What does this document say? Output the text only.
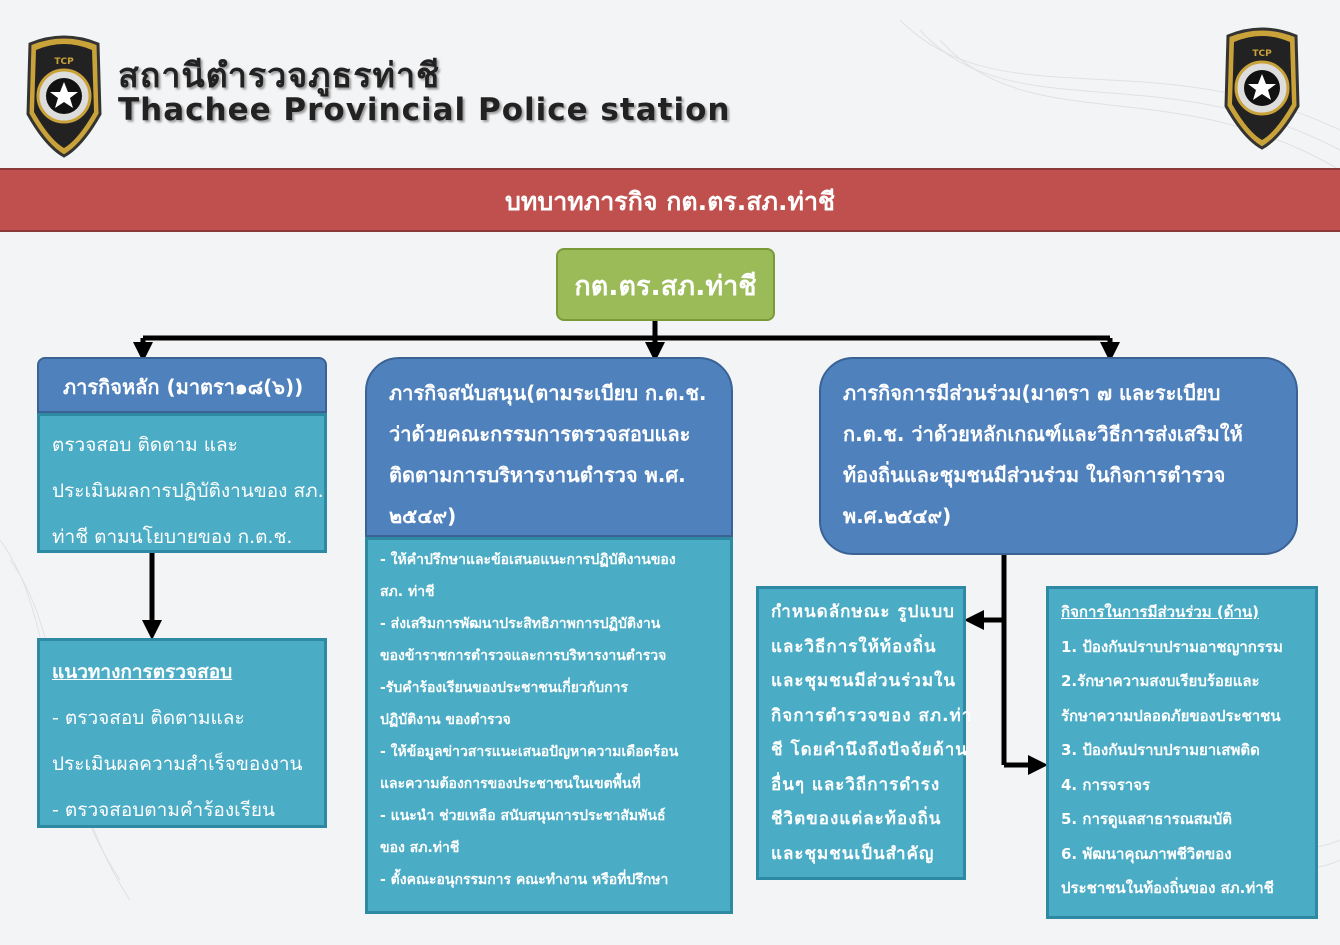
TCP สถานีตำรวจภูธรท่าชี
Thachee Provincial Police station
TCP
บทบาทภารกิจ กต.ตร.สภ.ท่าชี
กต.ตร.สภ.ท่าชี
ภารกิจหลัก (มาตรา๑๘(๖))
ตรวจสอบ ติดตาม และ
ประเมินผลการปฏิบัติงานของ สภ.
ท่าชี ตามนโยบายของ ก.ต.ช.
แนวทางการตรวจสอบ
- ตรวจสอบ ติดตามและ
ประเมินผลความสำเร็จของงาน
- ตรวจสอบตามคำร้องเรียน
ภารกิจสนับสนุน(ตามระเบียบ ก.ต.ช.
ว่าด้วยคณะกรรมการตรวจสอบและ
ติดตามการบริหารงานตำรวจ พ.ศ.
๒๕๔๙)
- ให้คำปรึกษาและข้อเสนอแนะการปฏิบัติงานของ
สภ. ท่าชี
- ส่งเสริมการพัฒนาประสิทธิภาพการปฏิบัติงาน
ของข้าราชการตำรวจและการบริหารงานตำรวจ
-รับคำร้องเรียนของประชาชนเกี่ยวกับการ
ปฏิบัติงาน ของตำรวจ
- ให้ข้อมูลข่าวสารแนะเสนอปัญหาความเดือดร้อน
และความต้องการของประชาชนในเขตพื้นที่
- แนะนำ ช่วยเหลือ สนับสนุนการประชาสัมพันธ์
ของ สภ.ท่าชี
- ตั้งคณะอนุกรรมการ คณะทำงาน หรือที่ปรึกษา
ภารกิจการมีส่วนร่วม(มาตรา ๗ และระเบียบ
ก.ต.ช. ว่าด้วยหลักเกณฑ์และวิธีการส่งเสริมให้
ท้องถิ่นและชุมชนมีส่วนร่วม ในกิจการตำรวจ
พ.ศ.๒๕๔๙)
กำหนดลักษณะ รูปแบบ
และวิธีการให้ท้องถิ่น
และชุมชนมีส่วนร่วมใน
กิจการตำรวจของ สภ.ท่า
ชี โดยคำนึงถึงปัจจัยด้าน
อื่นๆ และวิถีการดำรง
ชีวิตของแต่ละท้องถิ่น
และชุมชนเป็นสำคัญ
กิจการในการมีส่วนร่วม (ด้าน)
1. ป้องกันปราบปรามอาชญากรรม
2.รักษาความสงบเรียบร้อยและ
รักษาความปลอดภัยของประชาชน
3. ป้องกันปราบปรามยาเสพติด
4. การจราจร
5. การดูแลสาธารณสมบัติ
6. พัฒนาคุณภาพชีวิตของ
ประชาชนในท้องถิ่นของ สภ.ท่าชี
